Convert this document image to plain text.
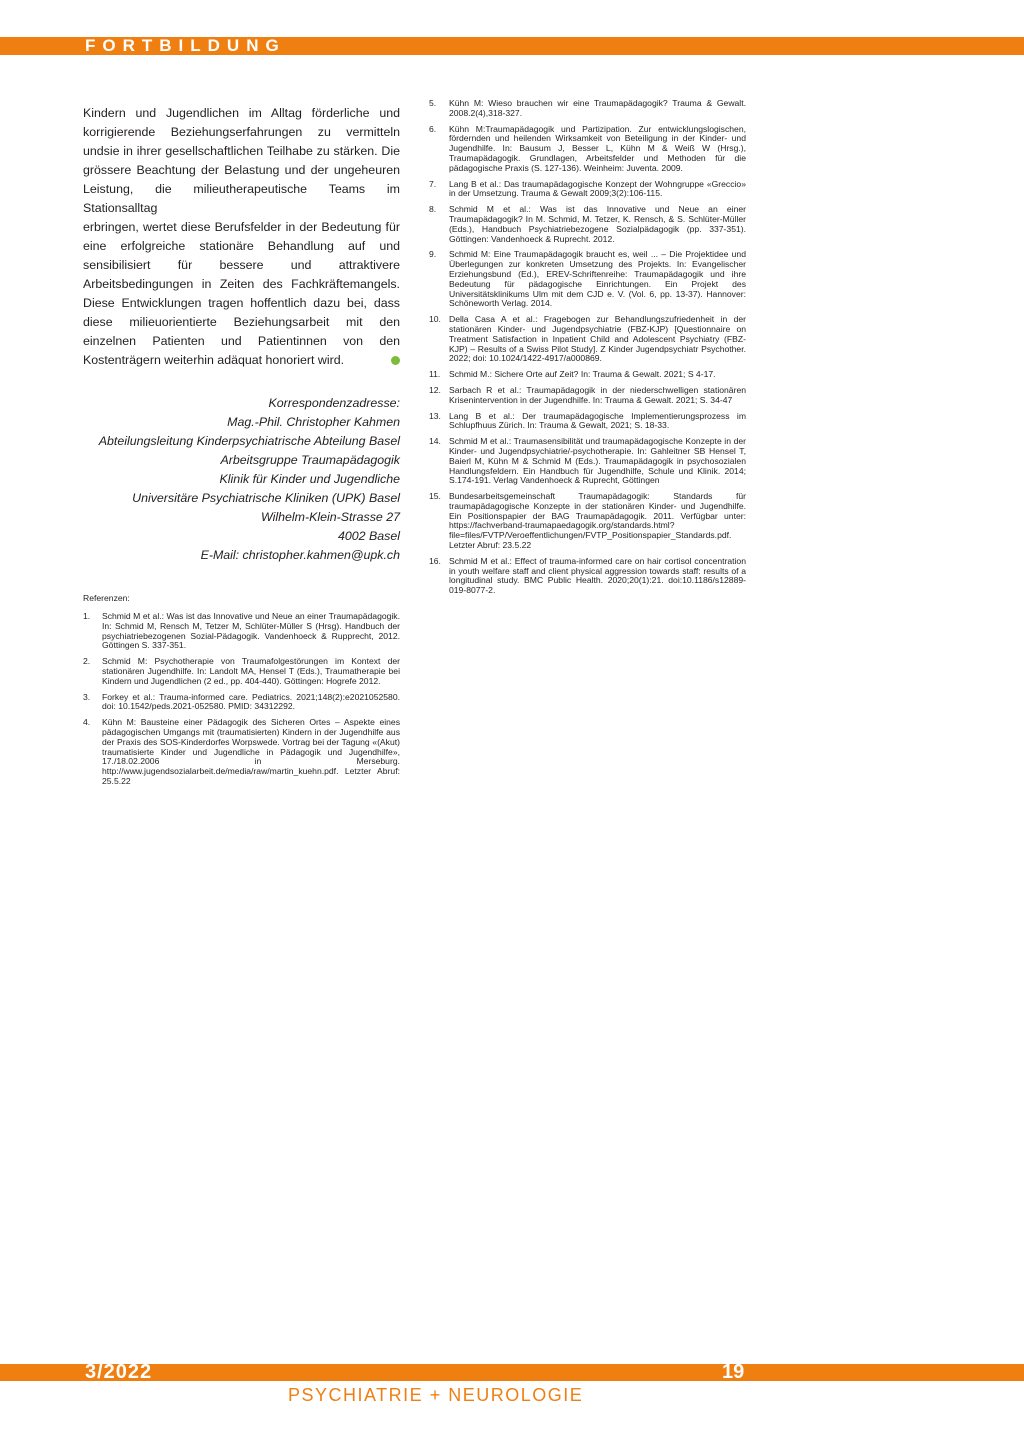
FORTBILDUNG

Kindern und Jugendlichen im Alltag förderliche und korrigierende Beziehungserfahrungen zu vermitteln undsie in ihrer gesellschaftlichen Teilhabe zu stärken. Die grössere Beachtung der Belastung und der ungeheuren Leistung, die milieutherapeutische Teams im Stationsalltag

erbringen, wertet diese Berufsfelder in der Bedeutung für eine erfolgreiche stationäre Behandlung auf und sensibilisiert für bessere und attraktivere Arbeitsbedingungen in Zeiten des Fachkräftemangels. Diese Entwicklungen tragen hoffentlich dazu bei, dass diese milieuorientierte Beziehungsarbeit mit den einzelnen Patienten und Patientinnen von den Kostenträgern weiterhin adäquat honoriert wird.

Korrespondenzadresse:
Mag.-Phil. Christopher Kahmen
Abteilungsleitung Kinderpsychiatrische Abteilung Basel
Arbeitsgruppe Traumapädagogik
Klinik für Kinder und Jugendliche
Universitäre Psychiatrische Kliniken (UPK) Basel
Wilhelm-Klein-Strasse 27
4002 Basel
E-Mail: christopher.kahmen@upk.ch
Referenzen:
1.	Schmid M et al.: Was ist das Innovative und Neue an einer Traumapädagogik. In: Schmid M, Rensch M, Tetzer M, Schlüter-Müller S (Hrsg). Handbuch der psychiatriebezogenen Sozial-Pädagogik. Vandenhoeck & Rupprecht, 2012. Göttingen S. 337-351.
2.	Schmid M: Psychotherapie von Traumafolgestörungen im Kontext der stationären Jugendhilfe. In: Landolt MA, Hensel T (Eds.), Traumatherapie bei Kindern und Jugendlichen (2 ed., pp. 404-440). Göttingen: Hogrefe 2012.
3.	Forkey et al.: Trauma-informed care. Pediatrics. 2021;148(2):e2021052580. doi: 10.1542/peds.2021-052580. PMID: 34312292.
4.	Kühn M: Bausteine einer Pädagogik des Sicheren Ortes – Aspekte eines pädagogischen Umgangs mit (traumatisierten) Kindern in der Jugendhilfe aus der Praxis des SOS-Kinderdorfes Worpswede. Vortrag bei der Tagung «(Akut) traumatisierte Kinder und Jugendliche in Pädagogik und Jugendhilfe», 17./18.02.2006 in Merseburg. http://www.jugendsozialarbeit.de/media/raw/martin_kuehn.pdf. Letzter Abruf: 25.5.22
5.	Kühn M: Wieso brauchen wir eine Traumapädagogik? Trauma & Gewalt. 2008.2(4),318-327.
6.	Kühn M:Traumapädagogik und Partizipation. Zur entwicklungslogischen, fördernden und heilenden Wirksamkeit von Beteiligung in der Kinder- und Jugendhilfe. In: Bausum J, Besser L, Kühn M & Weiß W (Hrsg.), Traumapädagogik. Grundlagen, Arbeitsfelder und Methoden für die pädagogische Praxis (S. 127-136). Weinheim: Juventa. 2009.
7.	Lang B et al.: Das traumapädagogische Konzept der Wohngruppe «Greccio» in der Umsetzung. Trauma & Gewalt 2009;3(2):106-115.
8.	Schmid M et al.: Was ist das Innovative und Neue an einer Traumapädagogik? In M. Schmid, M. Tetzer, K. Rensch, & S. Schlüter-Müller (Eds.), Handbuch Psychiatriebezogene Sozialpädagogik (pp. 337-351). Göttingen: Vandenhoeck & Ruprecht. 2012.
9.	Schmid M: Eine Traumapädagogik braucht es, weil ... – Die Projektidee und Überlegungen zur konkreten Umsetzung des Projekts. In: Evangelischer Erziehungsbund (Ed.), EREV-Schriftenreihe: Traumapädagogik und ihre Bedeutung für pädagogische Einrichtungen. Ein Projekt des Universitätsklinikums Ulm mit dem CJD e. V. (Vol. 6, pp. 13-37). Hannover: Schöneworth Verlag. 2014.
10. Della Casa A et al.: Fragebogen zur Behandlungszufriedenheit in der stationären Kinder- und Jugendpsychiatrie (FBZ-KJP) [Questionnaire on Treatment Satisfaction in Inpatient Child and Adolescent Psychiatry (FBZ-KJP) – Results of a Swiss Pilot Study]. Z Kinder Jugendpsychiatr Psychother. 2022; doi: 10.1024/1422-4917/a000869.
11.	Schmid M.: Sichere Orte auf Zeit? In: Trauma & Gewalt. 2021; S 4-17.
12. Sarbach R et al.: Traumapädagogik in der niederschwelligen stationären Krisenintervention in der Jugendhilfe. In: Trauma & Gewalt. 2021; S. 34-47
13. Lang B et al.: Der traumapädagogische Implementierungsprozess im Schlupfhuus Zürich. In: Trauma & Gewalt, 2021; S. 18-33.
14. Schmid M et al.: Traumasensibilität und traumapädagogische Konzepte in der Kinder- und Jugendpsychiatrie/-psychotherapie. In: Gahleitner SB Hensel T, Baierl M, Kühn M & Schmid M (Eds.). Traumapädagogik in psychosozialen Handlungsfeldern. Ein Handbuch für Jugendhilfe, Schule und Klinik. 2014; S.174-191. Verlag Vandenhoeck & Ruprecht, Göttingen
15. Bundesarbeitsgemeinschaft Traumapädagogik: Standards für traumapädagogische Konzepte in der stationären Kinder- und Jugendhilfe. Ein Positionspapier der BAG Traumapädagogik. 2011. Verfügbar unter: https://fachverband-traumapaedagogik.org/standards.html?file=files/FVTP/Veroeffentlichungen/FVTP_Positionspapier_Standards.pdf. Letzter Abruf: 23.5.22
16. Schmid M et al.: Effect of trauma-informed care on hair cortisol concentration in youth welfare staff and client physical aggression towards staff: results of a longitudinal study. BMC Public Health. 2020;20(1):21. doi:10.1186/s12889-019-8077-2.
3/2022	19
PSYCHIATRIE + NEUROLOGIE
